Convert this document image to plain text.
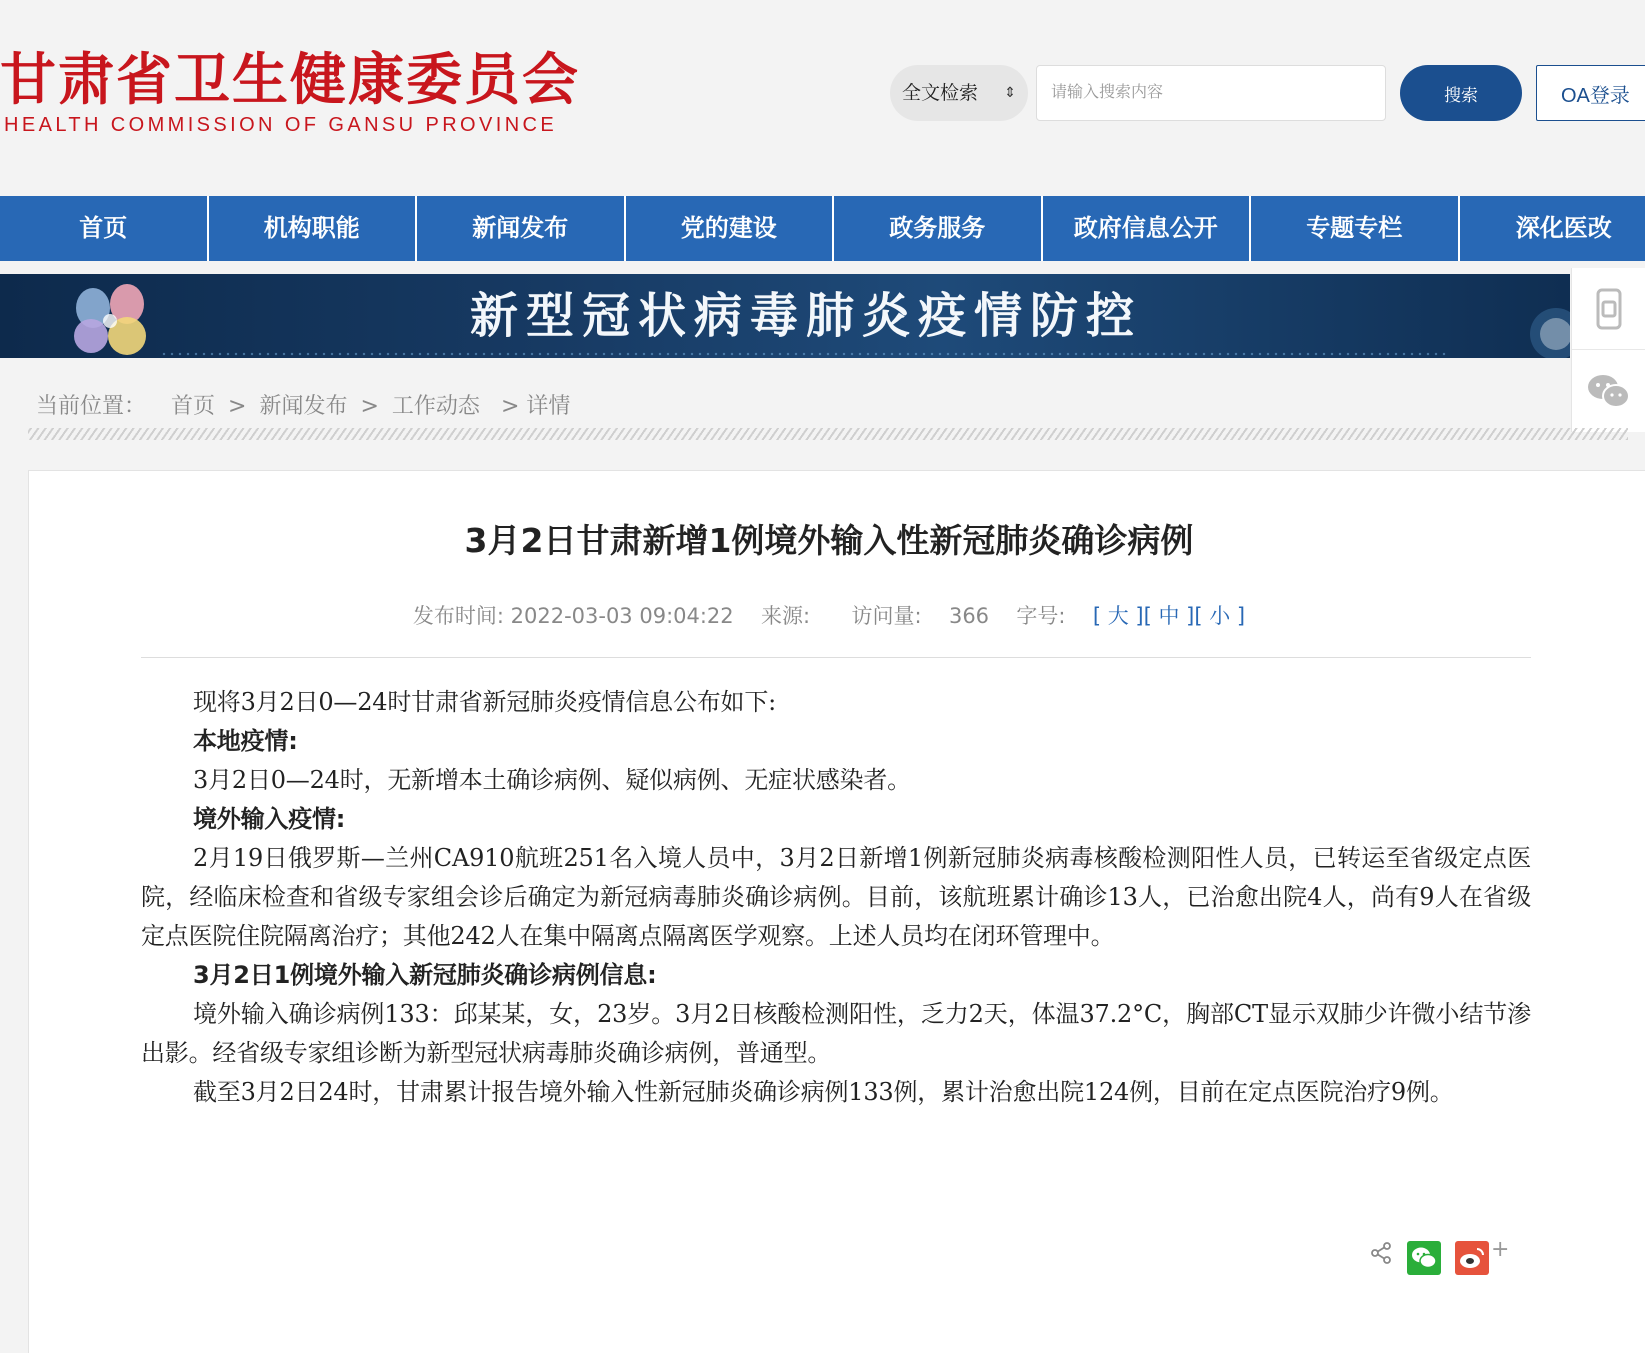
甘肃省卫生健康委员会
HEALTH COMMISSION OF GANSU PROVINCE
全文检索 ⇕
请输入搜索内容	搜索	OA登录
首页	机构职能	新闻发布	党的建设	政务服务	政府信息公开	专题专栏	深化医改
新型冠状病毒肺炎疫情防控
当前位置： 首页 > 新闻发布 > 工作动态 > 详情
3月2日甘肃新增1例境外输入性新冠肺炎确诊病例
发布时间: 2022-03-03 09:04:22 来源: 访问量: 366 字号: [ 大 ][ 中 ][ 小 ]

现将3月2日0—24时甘肃省新冠肺炎疫情信息公布如下:

本地疫情:

3月2日0—24时，无新增本土确诊病例、疑似病例、无症状感染者。

境外输入疫情:

2月19日俄罗斯—兰州CA910航班251名入境人员中，3月2日新增1例新冠肺炎病毒核酸检测阳性人员，已转运至省级定点医院，经临床检查和省级专家组会诊后确定为新冠病毒肺炎确诊病例。目前，该航班累计确诊13人，已治愈出院4人，尚有9人在省级定点医院住院隔离治疗；其他242人在集中隔离点隔离医学观察。上述人员均在闭环管理中。

3月2日1例境外输入新冠肺炎确诊病例信息:

境外输入确诊病例133：邱某某，女，23岁。3月2日核酸检测阳性，乏力2天，体温37.2°C，胸部CT显示双肺少许微小结节渗出影。经省级专家组诊断为新型冠状病毒肺炎确诊病例，普通型。

截至3月2日24时，甘肃累计报告境外输入性新冠肺炎确诊病例133例，累计治愈出院124例，目前在定点医院治疗9例。

+
